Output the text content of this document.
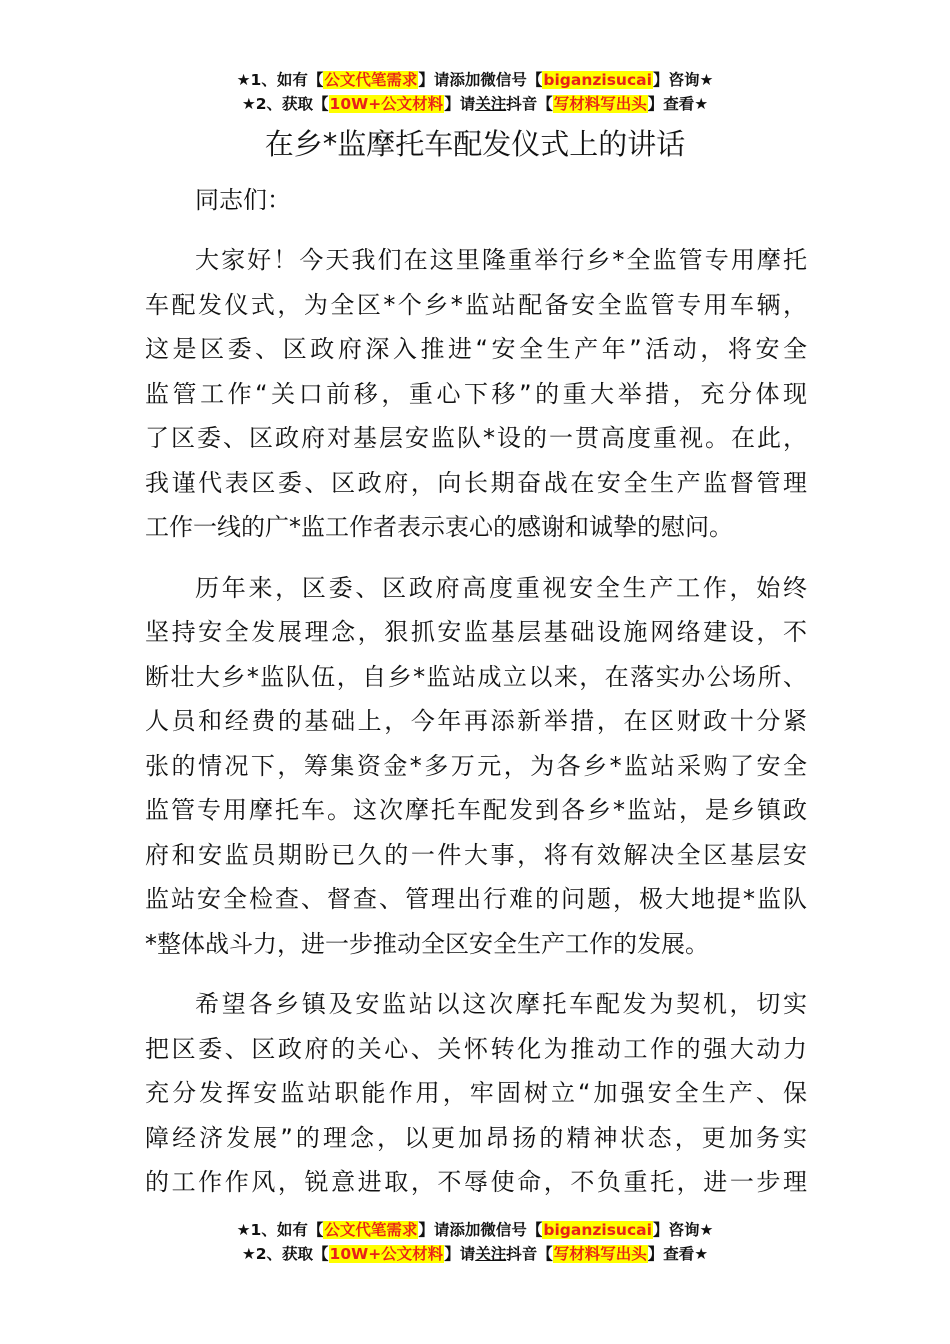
★1、如有【公文代笔需求】请添加微信号【biganzisucai】咨询★
★2、获取【10W+公文材料】请关注抖音【写材料写出头】查看★
在乡*监摩托车配发仪式上的讲话

同志们：

大家好！今天我们在这里隆重举行乡*全监管专用摩托
车配发仪式，为全区*个乡*监站配备安全监管专用车辆，
这是区委、区政府深入推进“安全生产年”活动，将安全
监管工作“关口前移，重心下移”的重大举措，充分体现
了区委、区政府对基层安监队*设的一贯高度重视。在此，
我谨代表区委、区政府，向长期奋战在安全生产监督管理
工作一线的广*监工作者表示衷心的感谢和诚挚的慰问。

历年来，区委、区政府高度重视安全生产工作，始终
坚持安全发展理念，狠抓安监基层基础设施网络建设，不
断壮大乡*监队伍，自乡*监站成立以来，在落实办公场所、
人员和经费的基础上，今年再添新举措，在区财政十分紧
张的情况下，筹集资金*多万元，为各乡*监站采购了安全
监管专用摩托车。这次摩托车配发到各乡*监站，是乡镇政
府和安监员期盼已久的一件大事，将有效解决全区基层安
监站安全检查、督查、管理出行难的问题，极大地提*监队
*整体战斗力，进一步推动全区安全生产工作的发展。

希望各乡镇及安监站以这次摩托车配发为契机，切实
把区委、区政府的关心、关怀转化为推动工作的强大动力
充分发挥安监站职能作用，牢固树立“加强安全生产、保
障经济发展”的理念，以更加昂扬的精神状态，更加务实
的工作作风，锐意进取，不辱使命，不负重托，进一步理

★1、如有【公文代笔需求】请添加微信号【biganzisucai】咨询★
★2、获取【10W+公文材料】请关注抖音【写材料写出头】查看★
